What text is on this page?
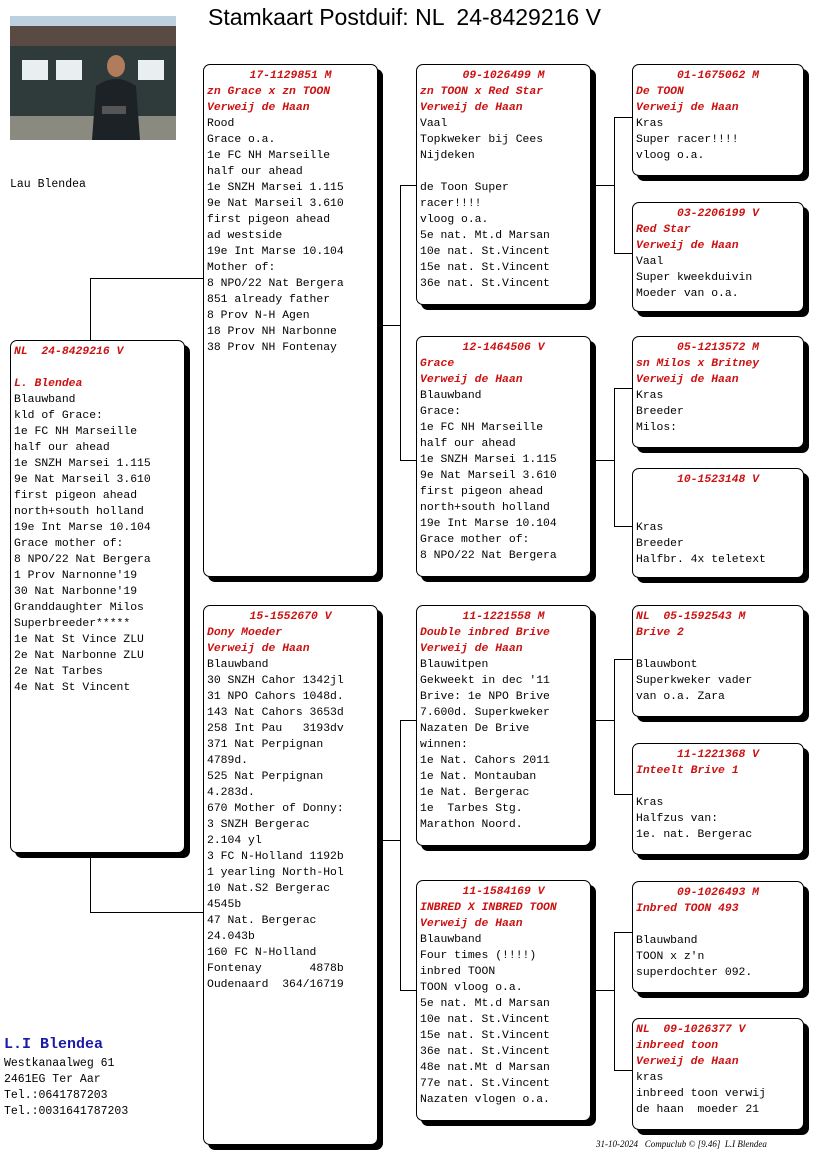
Stamkaart Postduif: NL  24-8429216 V
Lau Blendea
NL  24-8429216 V
L. Blendea
Blauwband
kld of Grace:
1e FC NH Marseille
half our ahead
1e SNZH Marsei 1.115
9e Nat Marseil 3.610
first pigeon ahead
north+south holland
19e Int Marse 10.104
Grace mother of:
8 NPO/22 Nat Bergera
1 Prov Narnonne'19
30 Nat Narbonne'19
Granddaughter Milos
Superbreeder*****
1e Nat St Vince ZLU
2e Nat Narbonne ZLU
2e Nat Tarbes
4e Nat St Vincent
17-1129851 M
zn Grace x zn TOON
Verweij de Haan
Rood
Grace o.a.
1e FC NH Marseille
half our ahead
1e SNZH Marsei 1.115
9e Nat Marseil 3.610
first pigeon ahead
ad westside
19e Int Marse 10.104
Mother of:
8 NPO/22 Nat Bergera
851 already father
8 Prov N-H Agen
18 Prov NH Narbonne
38 Prov NH Fontenay
15-1552670 V
Dony Moeder
Verweij de Haan
Blauwband
30 SNZH Cahor 1342jl
31 NPO Cahors 1048d.
143 Nat Cahors 3653d
258 Int Pau   3193dv
371 Nat Perpignan
4789d.
525 Nat Perpignan
4.283d.
670 Mother of Donny:
3 SNZH Bergerac
2.104 yl
3 FC N-Holland 1192b
1 yearling North-Hol
10 Nat.S2 Bergerac
4545b
47 Nat. Bergerac
24.043b
160 FC N-Holland
Fontenay       4878b
Oudenaard  364/16719
09-1026499 M
zn TOON x Red Star
Verweij de Haan
Vaal
Topkweker bij Cees
Nijdeken
de Toon Super
racer!!!!
vloog o.a.
5e nat. Mt.d Marsan
10e nat. St.Vincent
15e nat. St.Vincent
36e nat. St.Vincent
12-1464506 V
Grace
Verweij de Haan
Blauwband
Grace:
1e FC NH Marseille
half our ahead
1e SNZH Marsei 1.115
9e Nat Marseil 3.610
first pigeon ahead
north+south holland
19e Int Marse 10.104
Grace mother of:
8 NPO/22 Nat Bergera
11-1221558 M
Double inbred Brive
Verweij de Haan
Blauwitpen
Gekweekt in dec '11
Brive: 1e NPO Brive
7.600d. Superkweker
Nazaten De Brive
winnen:
1e Nat. Cahors 2011
1e Nat. Montauban
1e Nat. Bergerac
1e  Tarbes Stg.
Marathon Noord.
11-1584169 V
INBRED X INBRED TOON
Verweij de Haan
Blauwband
Four times (!!!!)
inbred TOON
TOON vloog o.a.
5e nat. Mt.d Marsan
10e nat. St.Vincent
15e nat. St.Vincent
36e nat. St.Vincent
48e nat.Mt d Marsan
77e nat. St.Vincent
Nazaten vlogen o.a.
01-1675062 M
De TOON
Verweij de Haan
Kras
Super racer!!!!
vloog o.a.
03-2206199 V
Red Star
Verweij de Haan
Vaal
Super kweekduivin
Moeder van o.a.
05-1213572 M
sn Milos x Britney
Verweij de Haan
Kras
Breeder
Milos:
10-1523148 V
Kras
Breeder
Halfbr. 4x teletext
NL  05-1592543 M
Brive 2
Blauwbont
Superkweker vader
van o.a. Zara
11-1221368 V
Inteelt Brive 1
Kras
Halfzus van:
1e. nat. Bergerac
09-1026493 M
Inbred TOON 493
Blauwband
TOON x z'n
superdochter 092.
NL  09-1026377 V
inbreed toon
Verweij de Haan
kras
inbreed toon verwij
de haan  moeder 21
L.I Blendea
Westkanaalweg 61
2461EG Ter Aar
Tel.:0641787203
Tel.:0031641787203
31-10-2024   Compuclub © [9.46]  L.I Blendea
